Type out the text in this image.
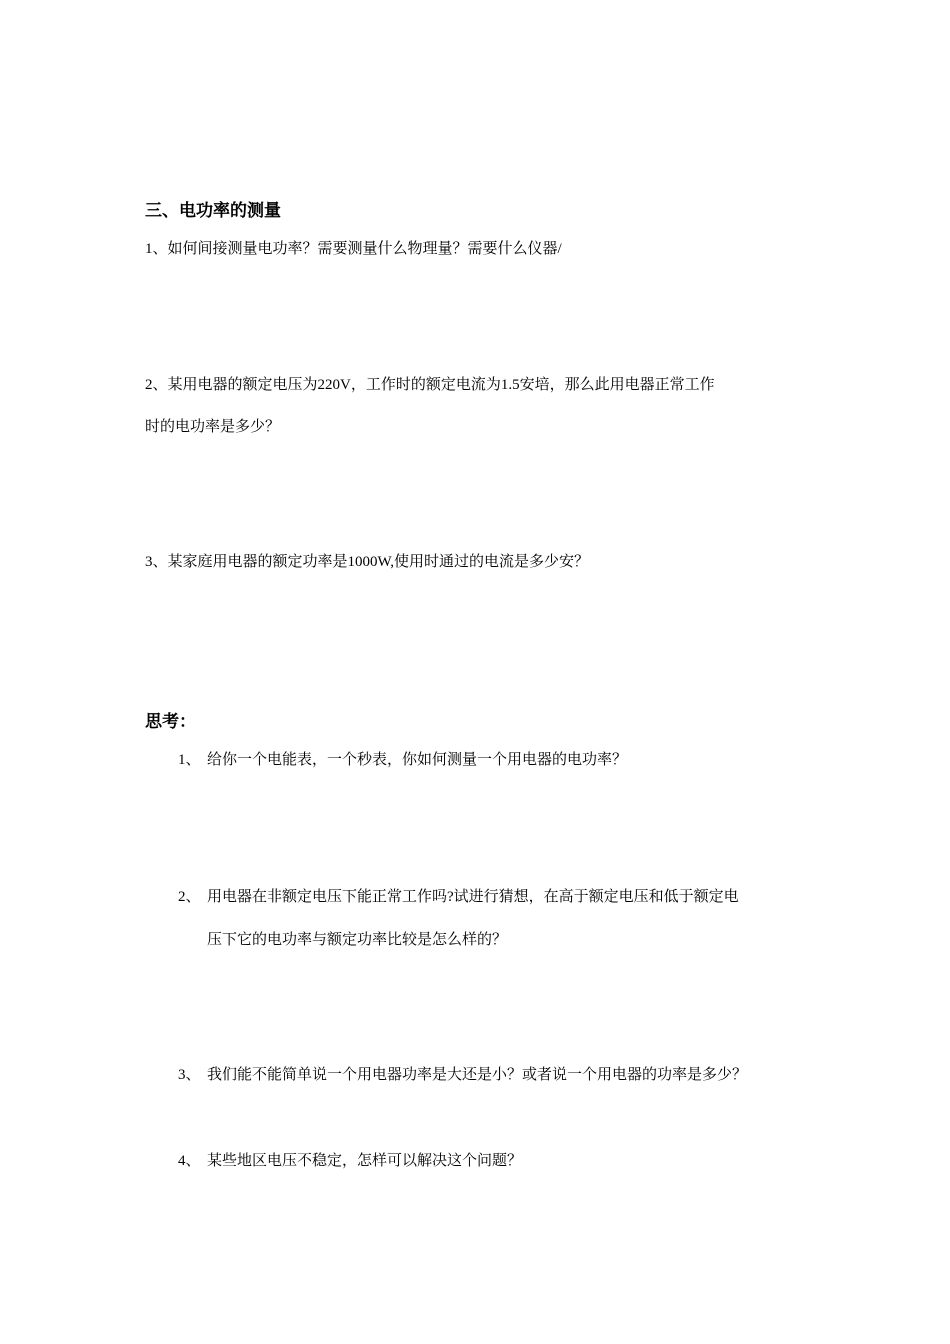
三、电功率的测量
1、如何间接测量电功率？需要测量什么物理量？需要什么仪器/
2、某用电器的额定电压为220V，工作时的额定电流为1.5安培，那么此用电器正常工作
时的电功率是多少？
3、某家庭用电器的额定功率是1000W,使用时通过的电流是多少安？
思考：
1、 给你一个电能表，一个秒表，你如何测量一个用电器的电功率？
2、 用电器在非额定电压下能正常工作吗?试进行猜想，在高于额定电压和低于额定电
压下它的电功率与额定功率比较是怎么样的？
3、 我们能不能简单说一个用电器功率是大还是小？或者说一个用电器的功率是多少？
4、 某些地区电压不稳定，怎样可以解决这个问题？
